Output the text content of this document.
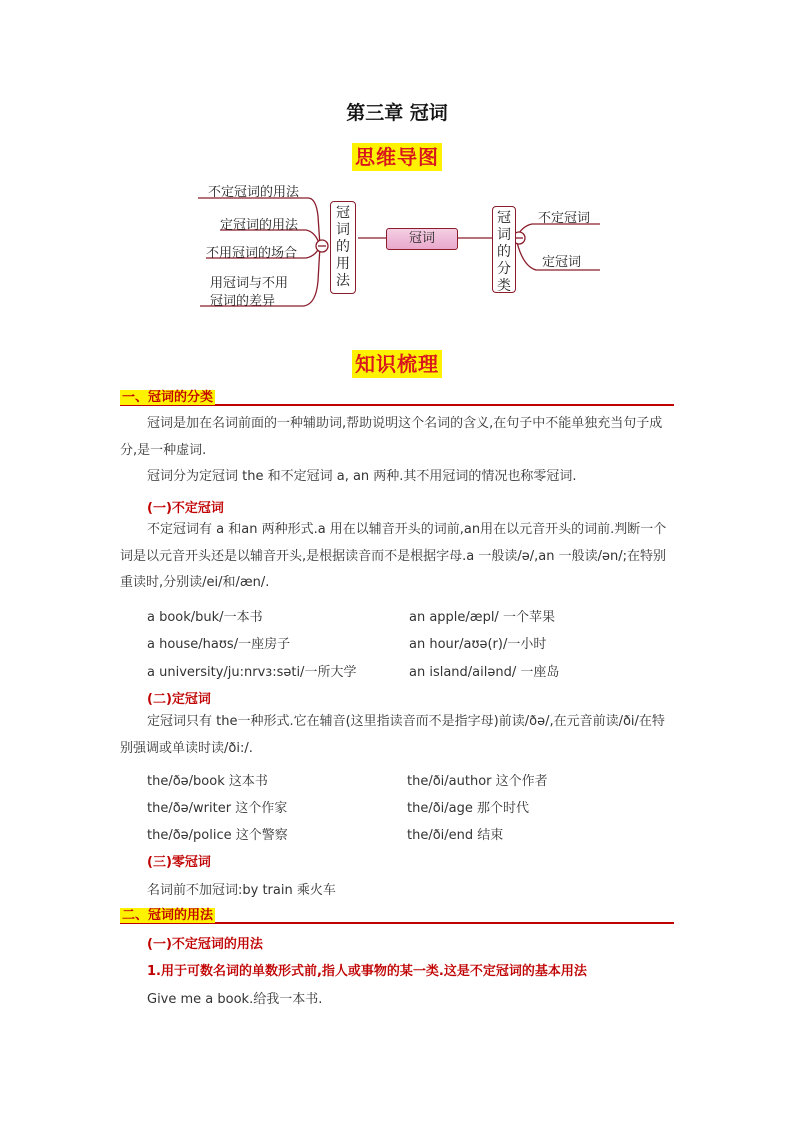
第三章 冠词
思维导图
不定冠词的用法
定冠词的用法
不用冠词的场合
用冠词与不用
冠词的差异
冠
词
的
用
法
冠词
冠
词
的
分
类
不定冠词
定冠词
知识梳理
一、冠词的分类

冠词是加在名词前面的一种辅助词,帮助说明这个名词的含义,在句子中不能单独充当句子成分,是一种虚词.

冠词分为定冠词 the 和不定冠词 a, an 两种.其不用冠词的情况也称零冠词.

(一)不定冠词

不定冠词有 a 和an 两种形式.a 用在以辅音开头的词前,an用在以元音开头的词前.判断一个词是以元音开头还是以辅音开头,是根据读音而不是根据字母.a 一般读/ə/,an 一般读/ən/;在特别重读时,分别读/ei/和/æn/.

a book/buk/一本书	an apple/æpl/ 一个苹果
a house/haʊs/一座房子	an hour/aʊə(r)/一小时
a university/ju:nrvɜ:səti/一所大学	an island/ailənd/ 一座岛
(二)定冠词

定冠词只有 the一种形式.它在辅音(这里指读音而不是指字母)前读/ðə/,在元音前读/ði/在特别强调或单读时读/ði:/.

the/ðə/book 这本书	the/ði/author 这个作者
the/ðə/writer 这个作家	the/ði/age 那个时代
the/ðə/police 这个警察	the/ði/end 结束
(三)零冠词
名词前不加冠词:by train 乘火车
二、冠词的用法
(一)不定冠词的用法
1.用于可数名词的单数形式前,指人或事物的某一类.这是不定冠词的基本用法
Give me a book.给我一本书.
